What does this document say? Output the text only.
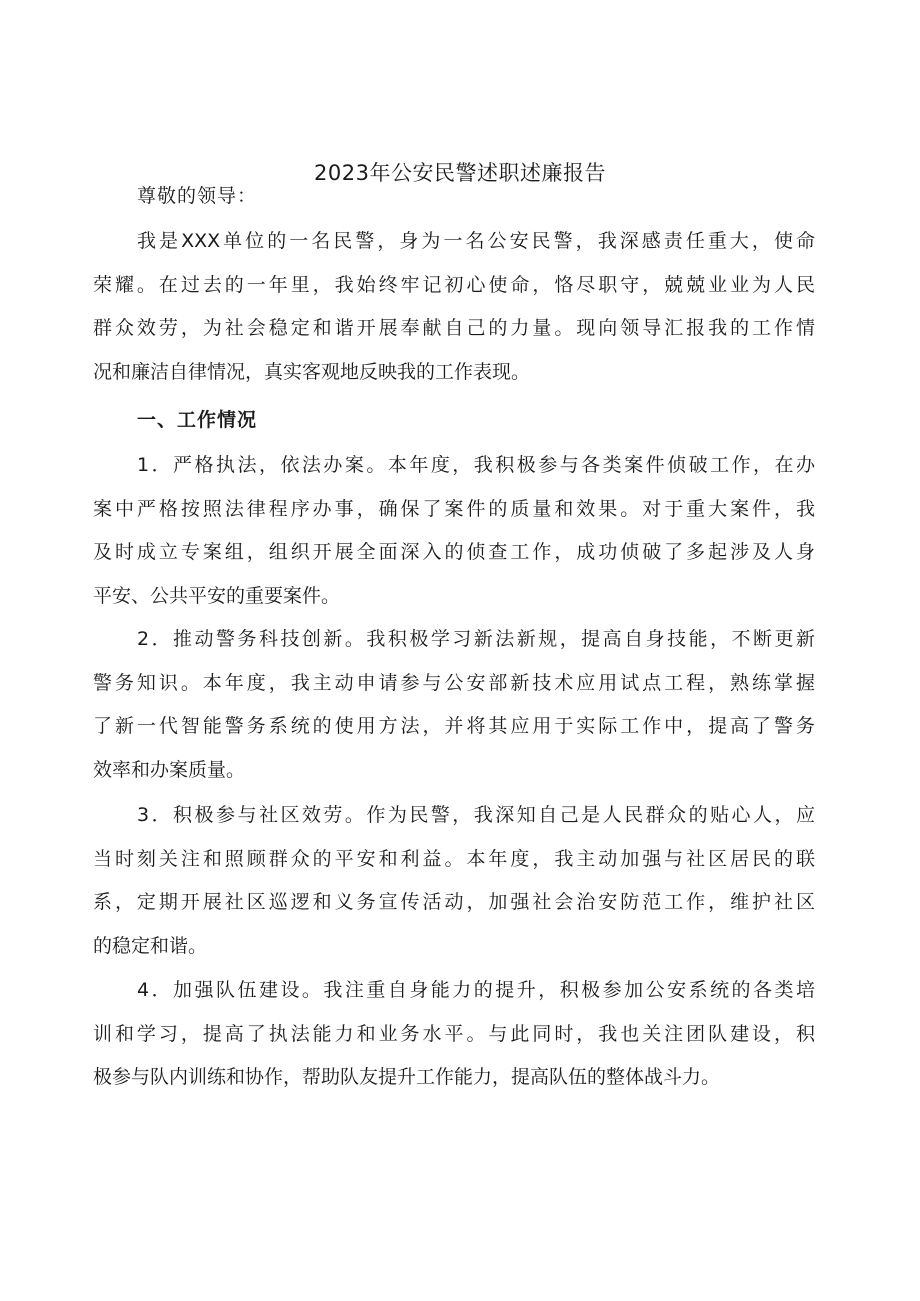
2023年公安民警述职述廉报告
尊敬的领导：

我是XXX单位的一名民警，身为一名公安民警，我深感责任重大，使命
荣耀。在过去的一年里，我始终牢记初心使命，恪尽职守，兢兢业业为人民
群众效劳，为社会稳定和谐开展奉献自己的力量。现向领导汇报我的工作情
况和廉洁自律情况，真实客观地反映我的工作表现。

一、工作情况

1．严格执法，依法办案。本年度，我积极参与各类案件侦破工作，在办
案中严格按照法律程序办事，确保了案件的质量和效果。对于重大案件，我
及时成立专案组，组织开展全面深入的侦查工作，成功侦破了多起涉及人身
平安、公共平安的重要案件。

2．推动警务科技创新。我积极学习新法新规，提高自身技能，不断更新
警务知识。本年度，我主动申请参与公安部新技术应用试点工程，熟练掌握
了新一代智能警务系统的使用方法，并将其应用于实际工作中，提高了警务
效率和办案质量。

3．积极参与社区效劳。作为民警，我深知自己是人民群众的贴心人，应
当时刻关注和照顾群众的平安和利益。本年度，我主动加强与社区居民的联
系，定期开展社区巡逻和义务宣传活动，加强社会治安防范工作，维护社区
的稳定和谐。

4．加强队伍建设。我注重自身能力的提升，积极参加公安系统的各类培
训和学习，提高了执法能力和业务水平。与此同时，我也关注团队建设，积
极参与队内训练和协作，帮助队友提升工作能力，提高队伍的整体战斗力。
